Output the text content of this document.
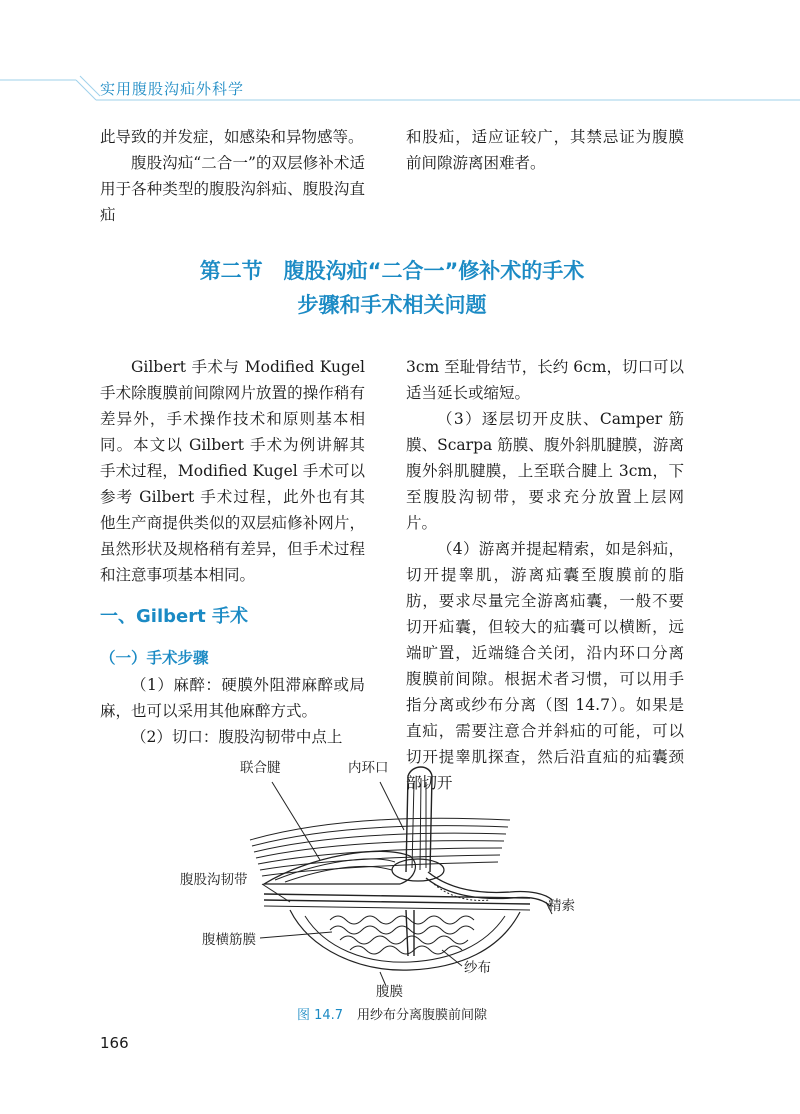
实用腹股沟疝外科学

此导致的并发症，如感染和异物感等。

腹股沟疝“二合一”的双层修补术适用于各种类型的腹股沟斜疝、腹股沟直疝

和股疝，适应证较广，其禁忌证为腹膜前间隙游离困难者。

第二节　腹股沟疝“二合一”修补术的手术
步骤和手术相关问题

Gilbert 手术与 Modified Kugel 手术除腹膜前间隙网片放置的操作稍有差异外，手术操作技术和原则基本相同。本文以 Gilbert 手术为例讲解其手术过程，Modified Kugel 手术可以参考 Gilbert 手术过程，此外也有其他生产商提供类似的双层疝修补网片，虽然形状及规格稍有差异，但手术过程和注意事项基本相同。

一、Gilbert 手术
（一）手术步骤

（1）麻醉：硬膜外阻滞麻醉或局麻，也可以采用其他麻醉方式。

（2）切口：腹股沟韧带中点上

3cm 至耻骨结节，长约 6cm，切口可以适当延长或缩短。

（3）逐层切开皮肤、Camper 筋膜、Scarpa 筋膜、腹外斜肌腱膜，游离腹外斜肌腱膜，上至联合腱上 3cm，下至腹股沟韧带，要求充分放置上层网片。

（4）游离并提起精索，如是斜疝，切开提睾肌，游离疝囊至腹膜前的脂肪，要求尽量完全游离疝囊，一般不要切开疝囊，但较大的疝囊可以横断，远端旷置，近端缝合关闭，沿内环口分离腹膜前间隙。根据术者习惯，可以用手指分离或纱布分离（图 14.7）。如果是直疝，需要注意合并斜疝的可能，可以切开提睾肌探查，然后沿直疝的疝囊颈部切开

联合腱	内环口
腹股沟韧带
精索
腹横筋膜
纱布
腹膜
图 14.7 用纱布分离腹膜前间隙
166
